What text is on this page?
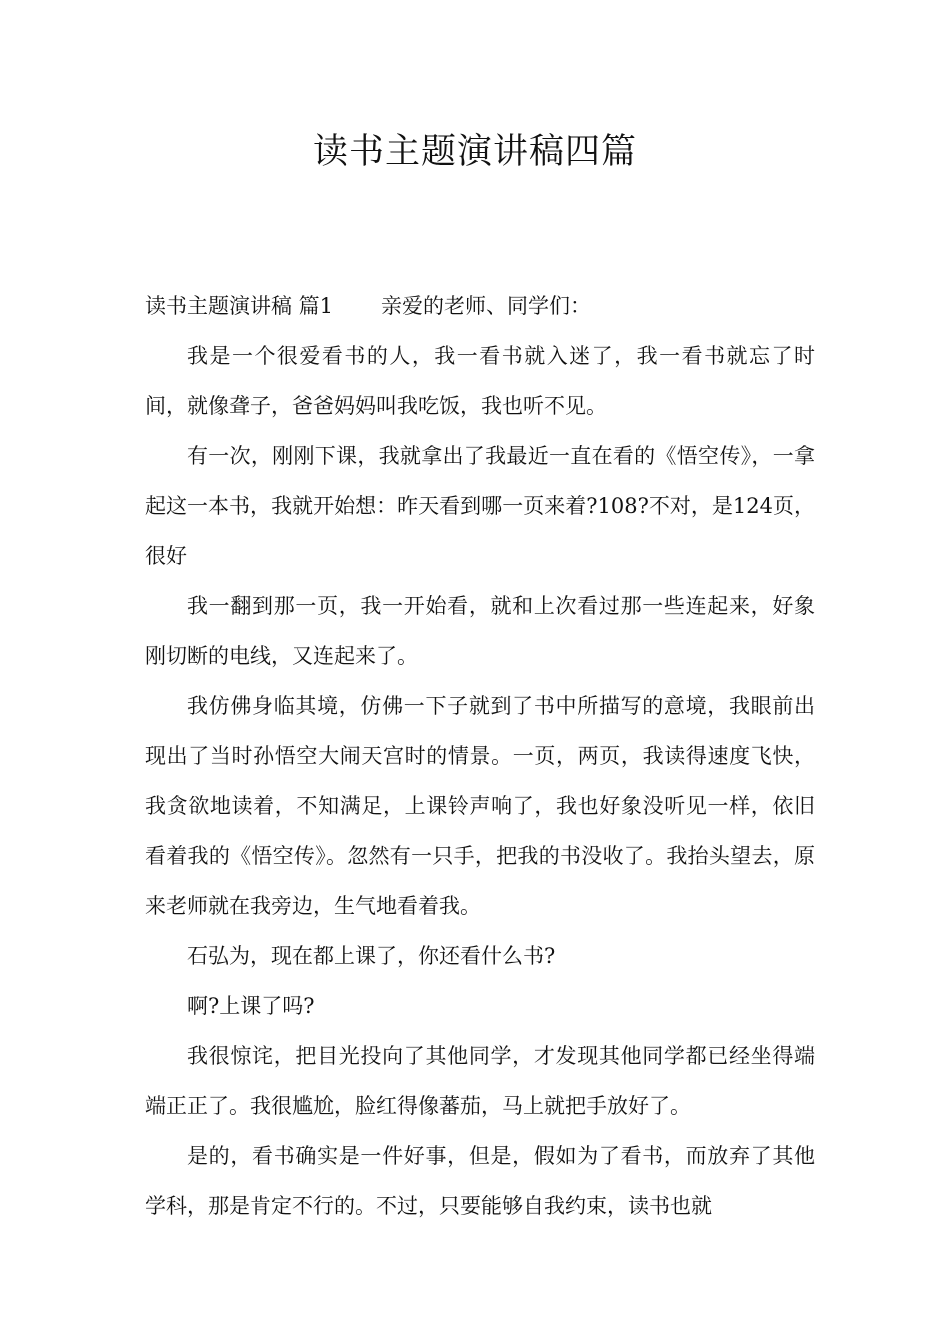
读书主题演讲稿四篇

读书主题演讲稿 篇1 亲爱的老师、同学们：

我是一个很爱看书的人，我一看书就入迷了，我一看书就忘了时间，就像聋子，爸爸妈妈叫我吃饭，我也听不见。

有一次，刚刚下课，我就拿出了我最近一直在看的《悟空传》，一拿起这一本书，我就开始想：昨天看到哪一页来着?108?不对，是124页，很好

我一翻到那一页，我一开始看，就和上次看过那一些连起来，好象刚切断的电线，又连起来了。

我仿佛身临其境，仿佛一下子就到了书中所描写的意境，我眼前出现出了当时孙悟空大闹天宫时的情景。一页，两页，我读得速度飞快，我贪欲地读着，不知满足，上课铃声响了，我也好象没听见一样，依旧看着我的《悟空传》。忽然有一只手，把我的书没收了。我抬头望去，原来老师就在我旁边，生气地看着我。

石弘为，现在都上课了，你还看什么书?

啊?上课了吗?

我很惊诧，把目光投向了其他同学，才发现其他同学都已经坐得端端正正了。我很尴尬，脸红得像蕃茄，马上就把手放好了。

是的，看书确实是一件好事，但是，假如为了看书，而放弃了其他学科，那是肯定不行的。不过，只要能够自我约束，读书也就
